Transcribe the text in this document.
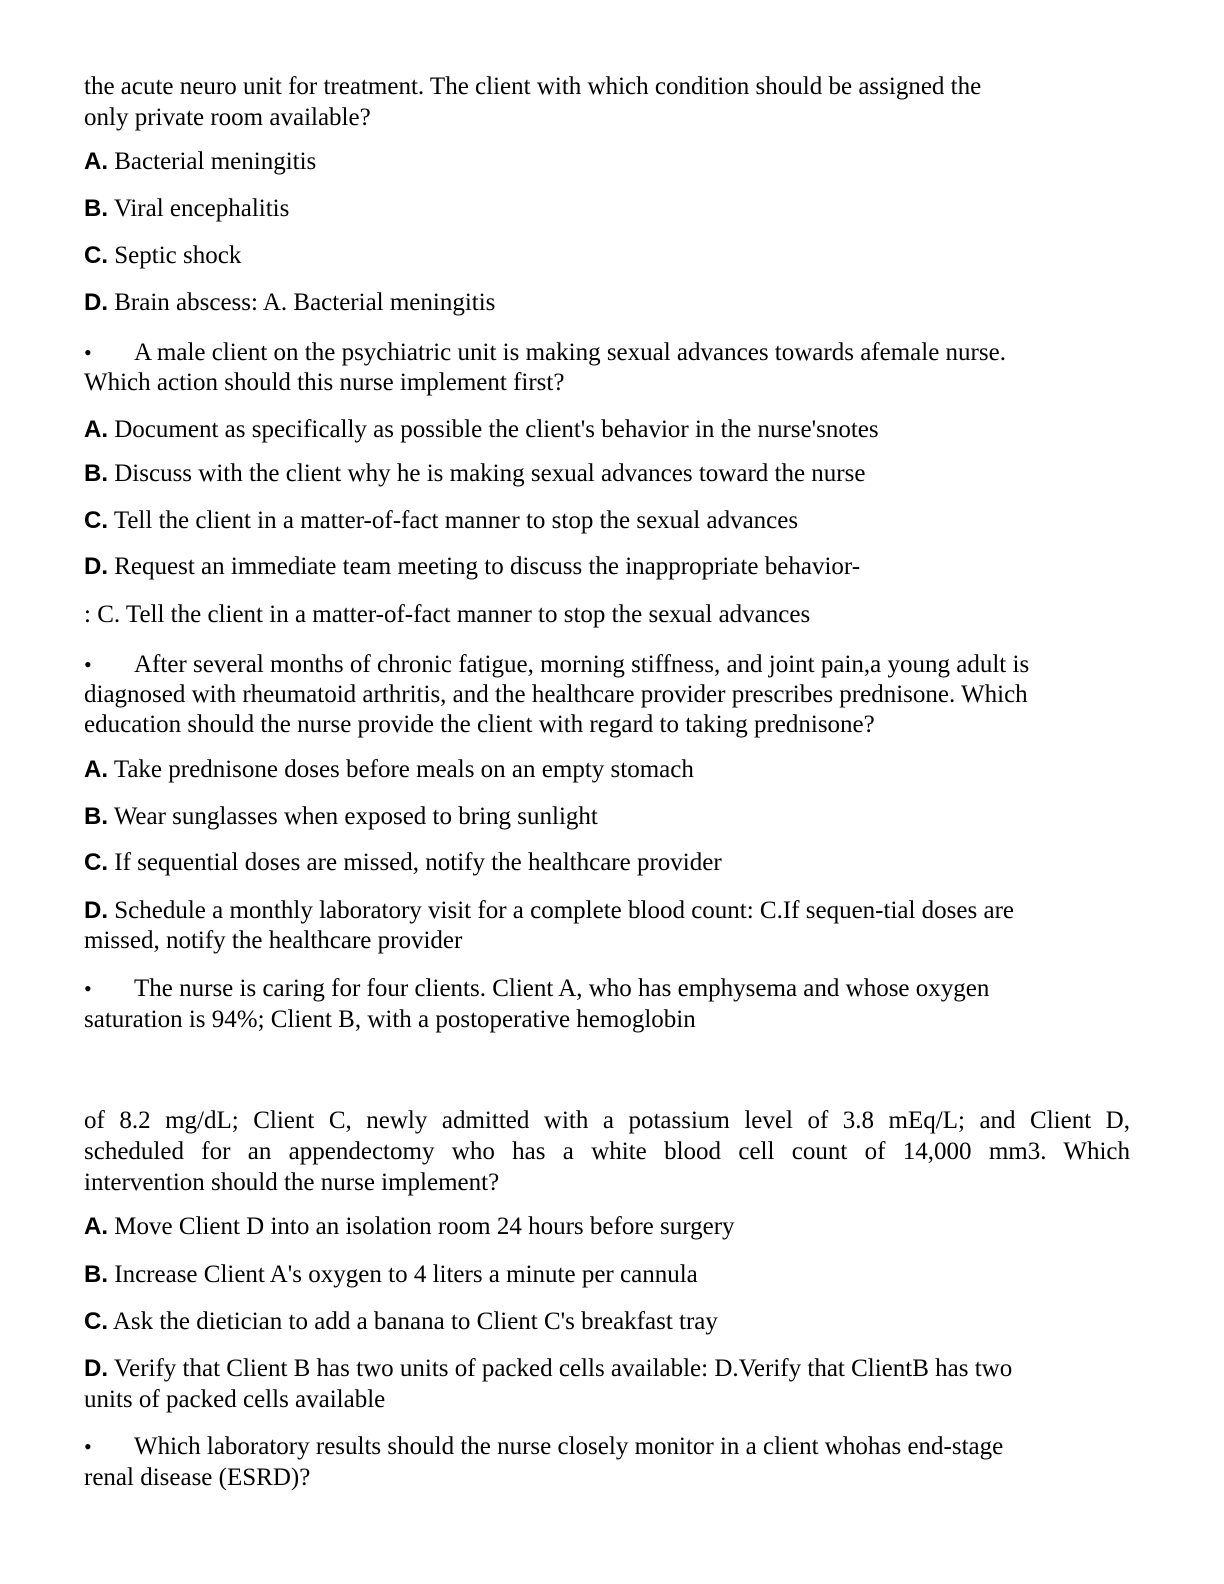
the acute neuro unit for treatment. The client with which condition should be assigned the
only private room available?
A. Bacterial meningitis
B. Viral encephalitis
C. Septic shock
D. Brain abscess: A. Bacterial meningitis
• A male client on the psychiatric unit is making sexual advances towards afemale nurse.
Which action should this nurse implement first?
A. Document as specifically as possible the client's behavior in the nurse'snotes
B. Discuss with the client why he is making sexual advances toward the nurse
C. Tell the client in a matter-of-fact manner to stop the sexual advances
D. Request an immediate team meeting to discuss the inappropriate behavior-
: C. Tell the client in a matter-of-fact manner to stop the sexual advances
• After several months of chronic fatigue, morning stiffness, and joint pain,a young adult is
diagnosed with rheumatoid arthritis, and the healthcare provider prescribes prednisone. Which
education should the nurse provide the client with regard to taking prednisone?
A. Take prednisone doses before meals on an empty stomach
B. Wear sunglasses when exposed to bring sunlight
C. If sequential doses are missed, notify the healthcare provider
D. Schedule a monthly laboratory visit for a complete blood count: C.If sequen-tial doses are
missed, notify the healthcare provider
• The nurse is caring for four clients. Client A, who has emphysema and whose oxygen
saturation is 94%; Client B, with a postoperative hemoglobin
of 8.2 mg/dL; Client C, newly admitted with a potassium level of 3.8 mEq/L; and Client D,
scheduled for an appendectomy who has a white blood cell count of 14,000 mm3. Which
intervention should the nurse implement?
A. Move Client D into an isolation room 24 hours before surgery
B. Increase Client A's oxygen to 4 liters a minute per cannula
C. Ask the dietician to add a banana to Client C's breakfast tray
D. Verify that Client B has two units of packed cells available: D.Verify that ClientB has two
units of packed cells available
• Which laboratory results should the nurse closely monitor in a client whohas end-stage
renal disease (ESRD)?
